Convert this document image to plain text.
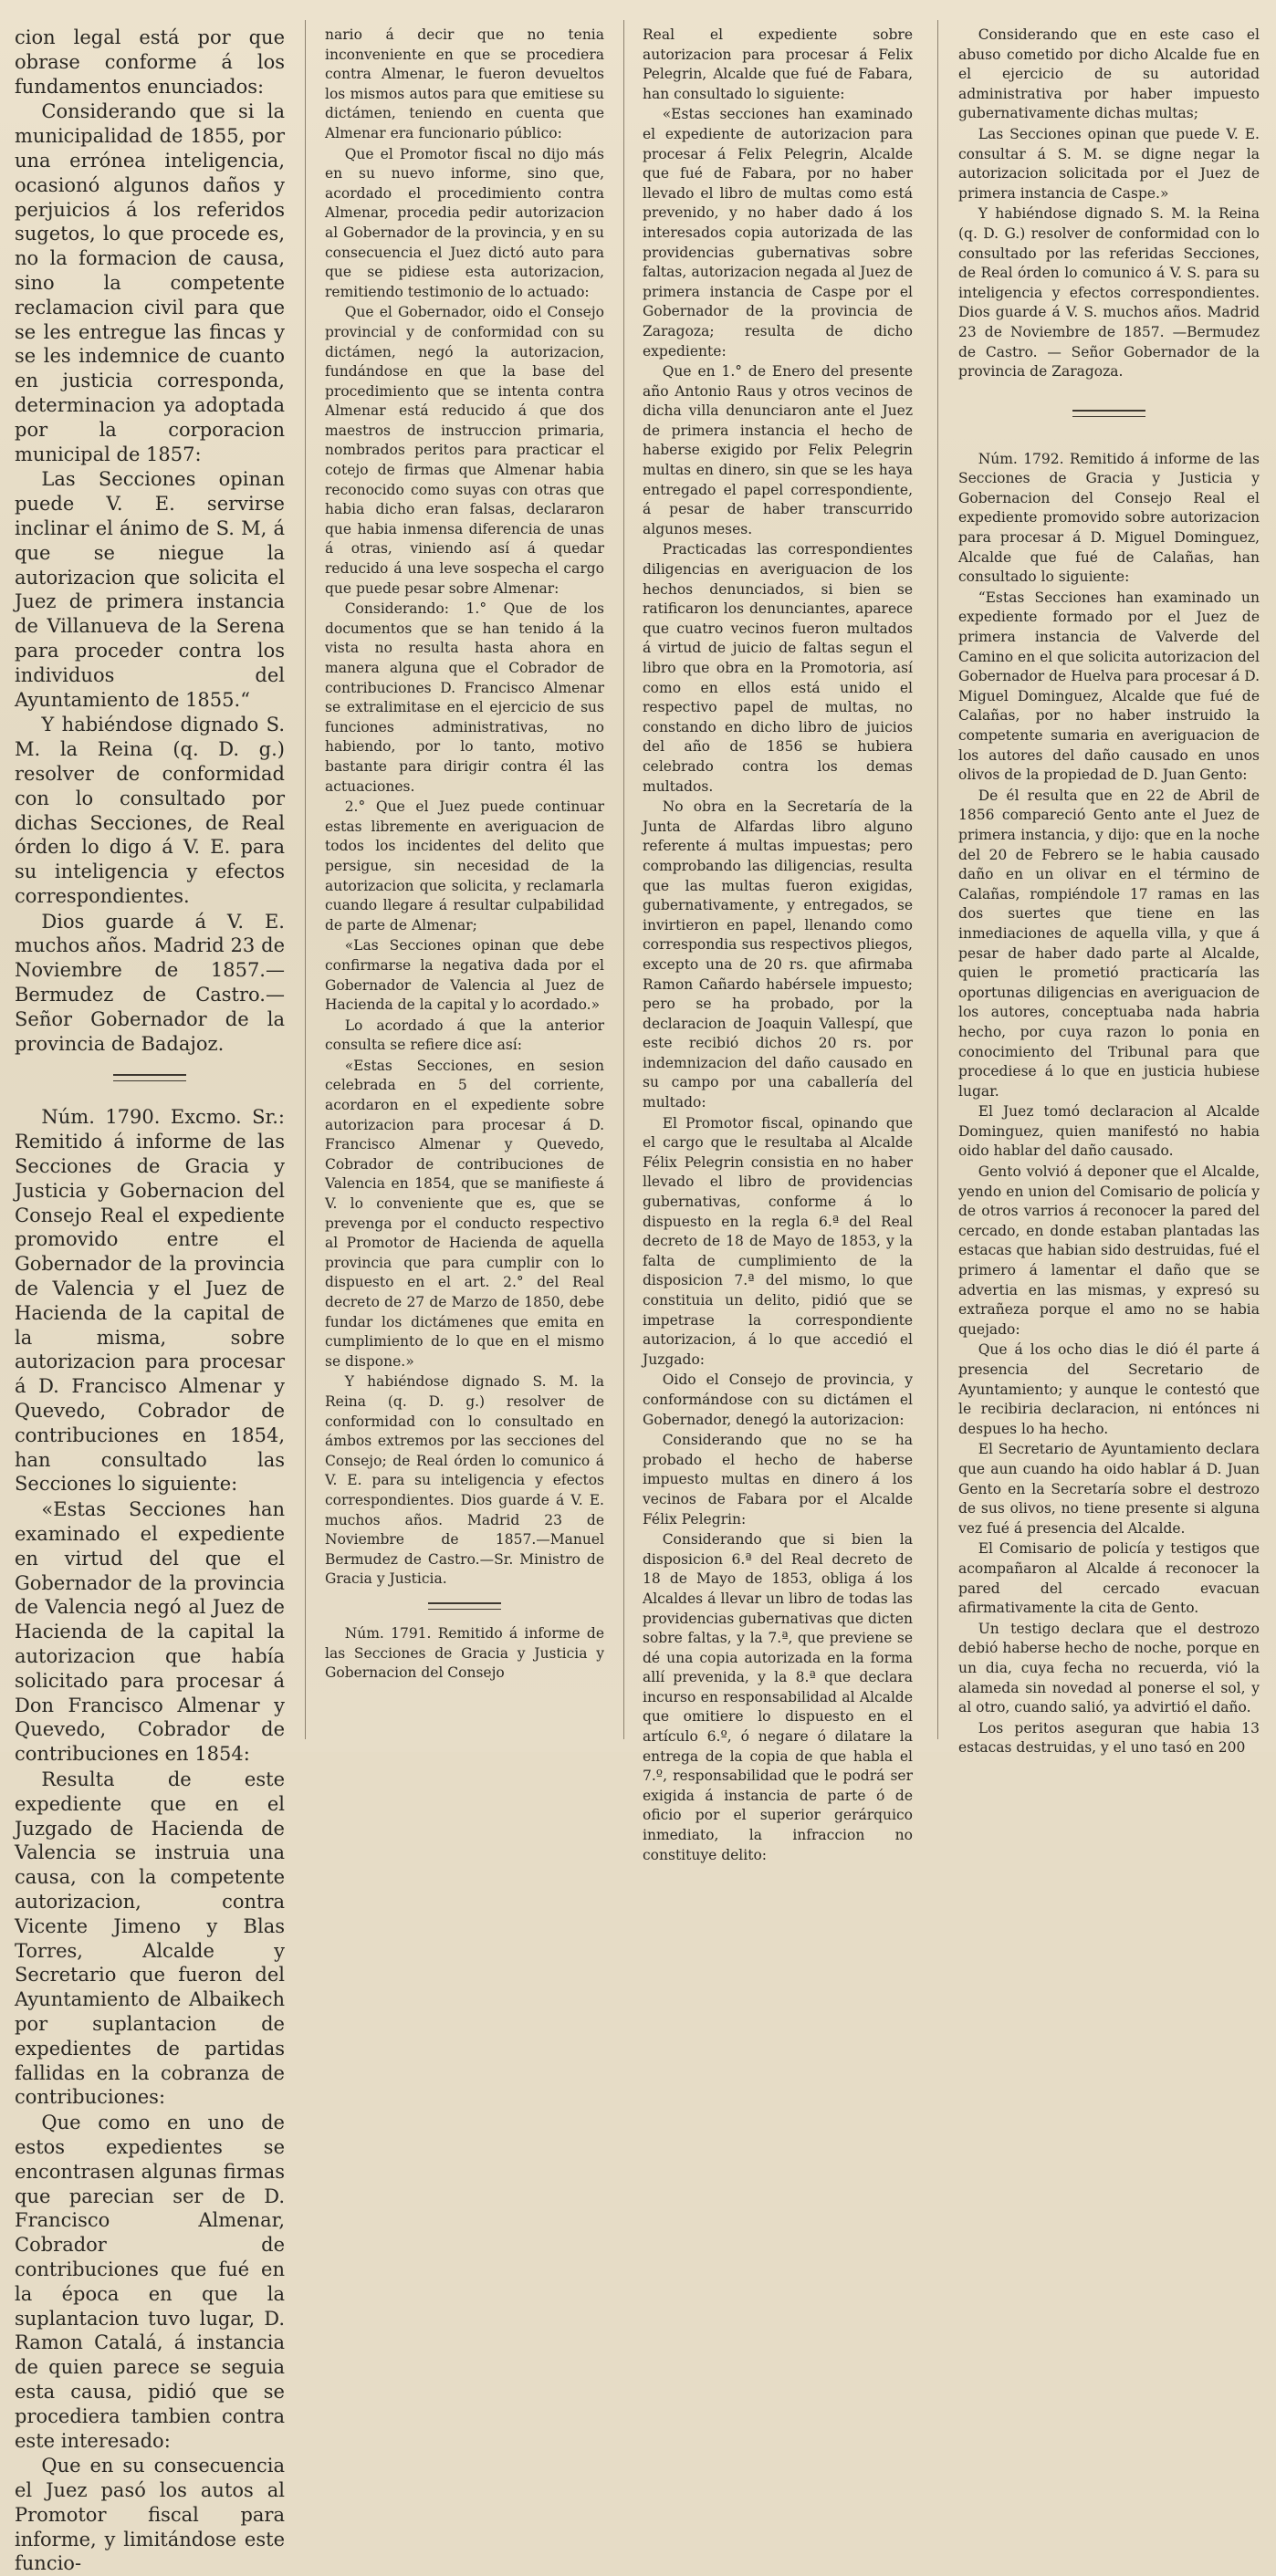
cion legal está por que obrase conforme á los fundamentos enunciados:

Considerando que si la municipalidad de 1855, por una errónea inteligencia, ocasionó algunos daños y perjuicios á los referidos sugetos, lo que procede es, no la formacion de causa, sino la competente reclamacion civil para que se les entregue las fincas y se les indemnice de cuanto en justicia corresponda, determinacion ya adoptada por la corporacion municipal de 1857:

Las Secciones opinan puede V. E. servirse inclinar el ánimo de S. M, á que se niegue la autorizacion que solicita el Juez de primera instancia de Villanueva de la Serena para proceder contra los individuos del Ayuntamiento de 1855.“

Y habiéndose dignado S. M. la Reina (q. D. g.) resolver de conformidad con lo consultado por dichas Secciones, de Real órden lo digo á V. E. para su inteligencia y efectos correspondientes.

Dios guarde á V. E. muchos años. Madrid 23 de Noviembre de 1857.—Bermudez de Castro.—Señor Gobernador de la provincia de Badajoz.

Núm. 1790. Excmo. Sr.: Remitido á informe de las Secciones de Gracia y Justicia y Gobernacion del Consejo Real el expediente promovido entre el Gobernador de la provincia de Valencia y el Juez de Hacienda de la capital de la misma, sobre autorizacion para procesar á D. Francisco Almenar y Quevedo, Cobrador de contribuciones en 1854, han consultado las Secciones lo siguiente:

«Estas Secciones han examinado el expediente en virtud del que el Gobernador de la provincia de Valencia negó al Juez de Hacienda de la capital la autorizacion que había solicitado para procesar á Don Francisco Almenar y Quevedo, Cobrador de contribuciones en 1854:

Resulta de este expediente que en el Juzgado de Hacienda de Valencia se instruia una causa, con la competente autorizacion, contra Vicente Jimeno y Blas Torres, Alcalde y Secretario que fueron del Ayuntamiento de Albaikech por suplantacion de expedientes de partidas fallidas en la cobranza de contribuciones:

Que como en uno de estos expedientes se encontrasen algunas firmas que parecian ser de D. Francisco Almenar, Cobrador de contribuciones que fué en la época en que la suplantacion tuvo lugar, D. Ramon Catalá, á instancia de quien parece se seguia esta causa, pidió que se procediera tambien contra este interesado:

Que en su consecuencia el Juez pasó los autos al Promotor fiscal para informe, y limitándose este funcio-

nario á decir que no tenia inconveniente en que se procediera contra Almenar, le fueron devueltos los mismos autos para que emitiese su dictámen, teniendo en cuenta que Almenar era funcionario público:

Que el Promotor fiscal no dijo más en su nuevo informe, sino que, acordado el procedimiento contra Almenar, procedia pedir autorizacion al Gobernador de la provincia, y en su consecuencia el Juez dictó auto para que se pidiese esta autorizacion, remitiendo testimonio de lo actuado:

Que el Gobernador, oido el Consejo provincial y de conformidad con su dictámen, negó la autorizacion, fundándose en que la base del procedimiento que se intenta contra Almenar está reducido á que dos maestros de instruccion primaria, nombrados peritos para practicar el cotejo de firmas que Almenar habia reconocido como suyas con otras que habia dicho eran falsas, declararon que habia inmensa diferencia de unas á otras, viniendo así á quedar reducido á una leve sospecha el cargo que puede pesar sobre Almenar:

Considerando: 1.° Que de los documentos que se han tenido á la vista no resulta hasta ahora en manera alguna que el Cobrador de contribuciones D. Francisco Almenar se extralimitase en el ejercicio de sus funciones administrativas, no habiendo, por lo tanto, motivo bastante para dirigir contra él las actuaciones.

2.° Que el Juez puede continuar estas libremente en averiguacion de todos los incidentes del delito que persigue, sin necesidad de la autorizacion que solicita, y reclamarla cuando llegare á resultar culpabilidad de parte de Almenar;

«Las Secciones opinan que debe confirmarse la negativa dada por el Gobernador de Valencia al Juez de Hacienda de la capital y lo acordado.»

Lo acordado á que la anterior consulta se refiere dice así:

«Estas Secciones, en sesion celebrada en 5 del corriente, acordaron en el expediente sobre autorizacion para procesar á D. Francisco Almenar y Quevedo, Cobrador de contribuciones de Valencia en 1854, que se manifieste á V. lo conveniente que es, que se prevenga por el conducto respectivo al Promotor de Hacienda de aquella provincia que para cumplir con lo dispuesto en el art. 2.° del Real decreto de 27 de Marzo de 1850, debe fundar los dictámenes que emita en cumplimiento de lo que en el mismo se dispone.»

Y habiéndose dignado S. M. la Reina (q. D. g.) resolver de conformidad con lo consultado en ámbos extremos por las secciones del Consejo; de Real órden lo comunico á V. E. para su inteligencia y efectos correspondientes. Dios guarde á V. E. muchos años. Madrid 23 de Noviembre de 1857.—Manuel Bermudez de Castro.—Sr. Ministro de Gracia y Justicia.

Núm. 1791. Remitido á informe de las Secciones de Gracia y Justicia y Gobernacion del Consejo

Real el expediente sobre autorizacion para procesar á Felix Pelegrin, Alcalde que fué de Fabara, han consultado lo siguiente:

«Estas secciones han examinado el expediente de autorizacion para procesar á Felix Pelegrin, Alcalde que fué de Fabara, por no haber llevado el libro de multas como está prevenido, y no haber dado á los interesados copia autorizada de las providencias gubernativas sobre faltas, autorizacion negada al Juez de primera instancia de Caspe por el Gobernador de la provincia de Zaragoza; resulta de dicho expediente:

Que en 1.° de Enero del presente año Antonio Raus y otros vecinos de dicha villa denunciaron ante el Juez de primera instancia el hecho de haberse exigido por Felix Pelegrin multas en dinero, sin que se les haya entregado el papel correspondiente, á pesar de haber transcurrido algunos meses.

Practicadas las correspondientes diligencias en averiguacion de los hechos denunciados, si bien se ratificaron los denunciantes, aparece que cuatro vecinos fueron multados á virtud de juicio de faltas segun el libro que obra en la Promotoria, así como en ellos está unido el respectivo papel de multas, no constando en dicho libro de juicios del año de 1856 se hubiera celebrado contra los demas multados.

No obra en la Secretaría de la Junta de Alfardas libro alguno referente á multas impuestas; pero comprobando las diligencias, resulta que las multas fueron exigidas, gubernativamente, y entregados, se invirtieron en papel, llenando como correspondia sus respectivos pliegos, excepto una de 20 rs. que afirmaba Ramon Cañardo habérsele impuesto; pero se ha probado, por la declaracion de Joaquin Vallespí, que este recibió dichos 20 rs. por indemnizacion del daño causado en su campo por una caballería del multado:

El Promotor fiscal, opinando que el cargo que le resultaba al Alcalde Félix Pelegrin consistia en no haber llevado el libro de providencias gubernativas, conforme á lo dispuesto en la regla 6.ª del Real decreto de 18 de Mayo de 1853, y la falta de cumplimiento de la disposicion 7.ª del mismo, lo que constituia un delito, pidió que se impetrase la correspondiente autorizacion, á lo que accedió el Juzgado:

Oido el Consejo de provincia, y conformándose con su dictámen el Gobernador, denegó la autorizacion:

Considerando que no se ha probado el hecho de haberse impuesto multas en dinero á los vecinos de Fabara por el Alcalde Félix Pelegrin:

Considerando que si bien la disposicion 6.ª del Real decreto de 18 de Mayo de 1853, obliga á los Alcaldes á llevar un libro de todas las providencias gubernativas que dicten sobre faltas, y la 7.ª, que previene se dé una copia autorizada en la forma allí prevenida, y la 8.ª que declara incurso en responsabilidad al Alcalde que omitiere lo dispuesto en el artículo 6.º, ó negare ó dilatare la entrega de la copia de que habla el 7.º, responsabilidad que le podrá ser exigida á instancia de parte ó de oficio por el superior gerárquico inmediato, la infraccion no constituye delito:

Considerando que en este caso el abuso cometido por dicho Alcalde fue en el ejercicio de su autoridad administrativa por haber impuesto gubernativamente dichas multas;

Las Secciones opinan que puede V. E. consultar á S. M. se digne negar la autorizacion solicitada por el Juez de primera instancia de Caspe.»

Y habiéndose dignado S. M. la Reina (q. D. G.) resolver de conformidad con lo consultado por las referidas Secciones, de Real órden lo comunico á V. S. para su inteligencia y efectos correspondientes. Dios guarde á V. S. muchos años. Madrid 23 de Noviembre de 1857. —Bermudez de Castro. — Señor Gobernador de la provincia de Zaragoza.

Núm. 1792. Remitido á informe de las Secciones de Gracia y Justicia y Gobernacion del Consejo Real el expediente promovido sobre autorizacion para procesar á D. Miguel Dominguez, Alcalde que fué de Calañas, han consultado lo siguiente:

“Estas Secciones han examinado un expediente formado por el Juez de primera instancia de Valverde del Camino en el que solicita autorizacion del Gobernador de Huelva para procesar á D. Miguel Dominguez, Alcalde que fué de Calañas, por no haber instruido la competente sumaria en averiguacion de los autores del daño causado en unos olivos de la propiedad de D. Juan Gento:

De él resulta que en 22 de Abril de 1856 compareció Gento ante el Juez de primera instancia, y dijo: que en la noche del 20 de Febrero se le habia causado daño en un olivar en el término de Calañas, rompiéndole 17 ramas en las dos suertes que tiene en las inmediaciones de aquella villa, y que á pesar de haber dado parte al Alcalde, quien le prometió practicaría las oportunas diligencias en averiguacion de los autores, conceptuaba nada habria hecho, por cuya razon lo ponia en conocimiento del Tribunal para que procediese á lo que en justicia hubiese lugar.

El Juez tomó declaracion al Alcalde Dominguez, quien manifestó no habia oido hablar del daño causado.

Gento volvió á deponer que el Alcalde, yendo en union del Comisario de policía y de otros varrios á reconocer la pared del cercado, en donde estaban plantadas las estacas que habian sido destruidas, fué el primero á lamentar el daño que se advertia en las mismas, y expresó su extrañeza porque el amo no se habia quejado:

Que á los ocho dias le dió él parte á presencia del Secretario de Ayuntamiento; y aunque le contestó que le recibiria declaracion, ni entónces ni despues lo ha hecho.

El Secretario de Ayuntamiento declara que aun cuando ha oido hablar á D. Juan Gento en la Secretaría sobre el destrozo de sus olivos, no tiene presente si alguna vez fué á presencia del Alcalde.

El Comisario de policía y testigos que acompañaron al Alcalde á reconocer la pared del cercado evacuan afirmativamente la cita de Gento.

Un testigo declara que el destrozo debió haberse hecho de noche, porque en un dia, cuya fecha no recuerda, vió la alameda sin novedad al ponerse el sol, y al otro, cuando salió, ya advirtió el daño.

Los peritos aseguran que habia 13 estacas destruidas, y el uno tasó en 200
